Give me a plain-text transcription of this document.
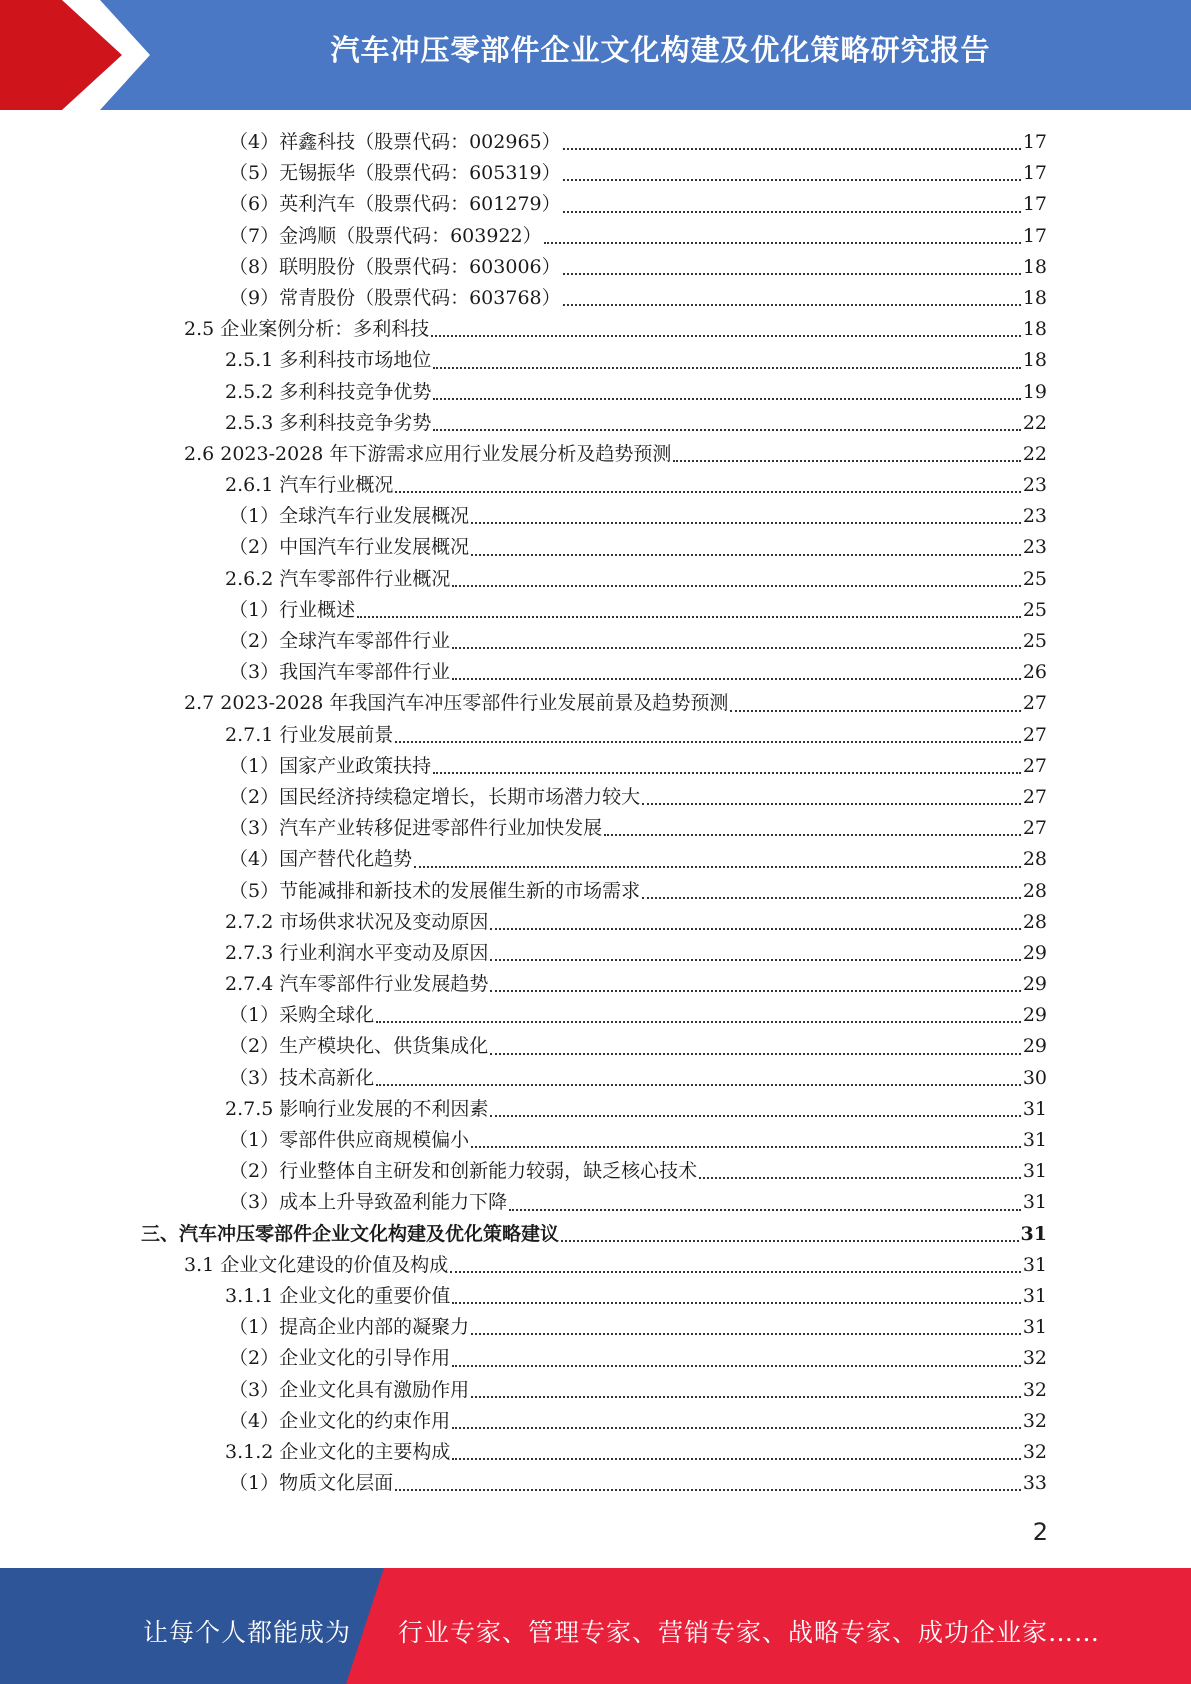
汽车冲压零部件企业文化构建及优化策略研究报告
（4）祥鑫科技（股票代码：002965）	17
（5）无锡振华（股票代码：605319）	17
（6）英利汽车（股票代码：601279）	17
（7）金鸿顺（股票代码：603922）	17
（8）联明股份（股票代码：603006）	18
（9）常青股份（股票代码：603768）	18
2.5 企业案例分析：多利科技	18
2.5.1 多利科技市场地位	18
2.5.2 多利科技竞争优势	19
2.5.3 多利科技竞争劣势	22
2.6 2023-2028 年下游需求应用行业发展分析及趋势预测	22
2.6.1 汽车行业概况	23
（1）全球汽车行业发展概况	23
（2）中国汽车行业发展概况	23
2.6.2 汽车零部件行业概况	25
（1）行业概述	25
（2）全球汽车零部件行业	25
（3）我国汽车零部件行业	26
2.7 2023-2028 年我国汽车冲压零部件行业发展前景及趋势预测	27
2.7.1 行业发展前景	27
（1）国家产业政策扶持	27
（2）国民经济持续稳定增长，长期市场潜力较大	27
（3）汽车产业转移促进零部件行业加快发展	27
（4）国产替代化趋势	28
（5）节能减排和新技术的发展催生新的市场需求	28
2.7.2 市场供求状况及变动原因	28
2.7.3 行业利润水平变动及原因	29
2.7.4 汽车零部件行业发展趋势	29
（1）采购全球化	29
（2）生产模块化、供货集成化	29
（3）技术高新化	30
2.7.5 影响行业发展的不利因素	31
（1）零部件供应商规模偏小	31
（2）行业整体自主研发和创新能力较弱，缺乏核心技术	31
（3）成本上升导致盈利能力下降	31
三、汽车冲压零部件企业文化构建及优化策略建议	31
3.1 企业文化建设的价值及构成	31
3.1.1 企业文化的重要价值	31
（1）提高企业内部的凝聚力	31
（2）企业文化的引导作用	32
（3）企业文化具有激励作用	32
（4）企业文化的约束作用	32
3.1.2 企业文化的主要构成	32
（1）物质文化层面	33
2
让每个人都能成为 行业专家、管理专家、营销专家、战略专家、成功企业家……
